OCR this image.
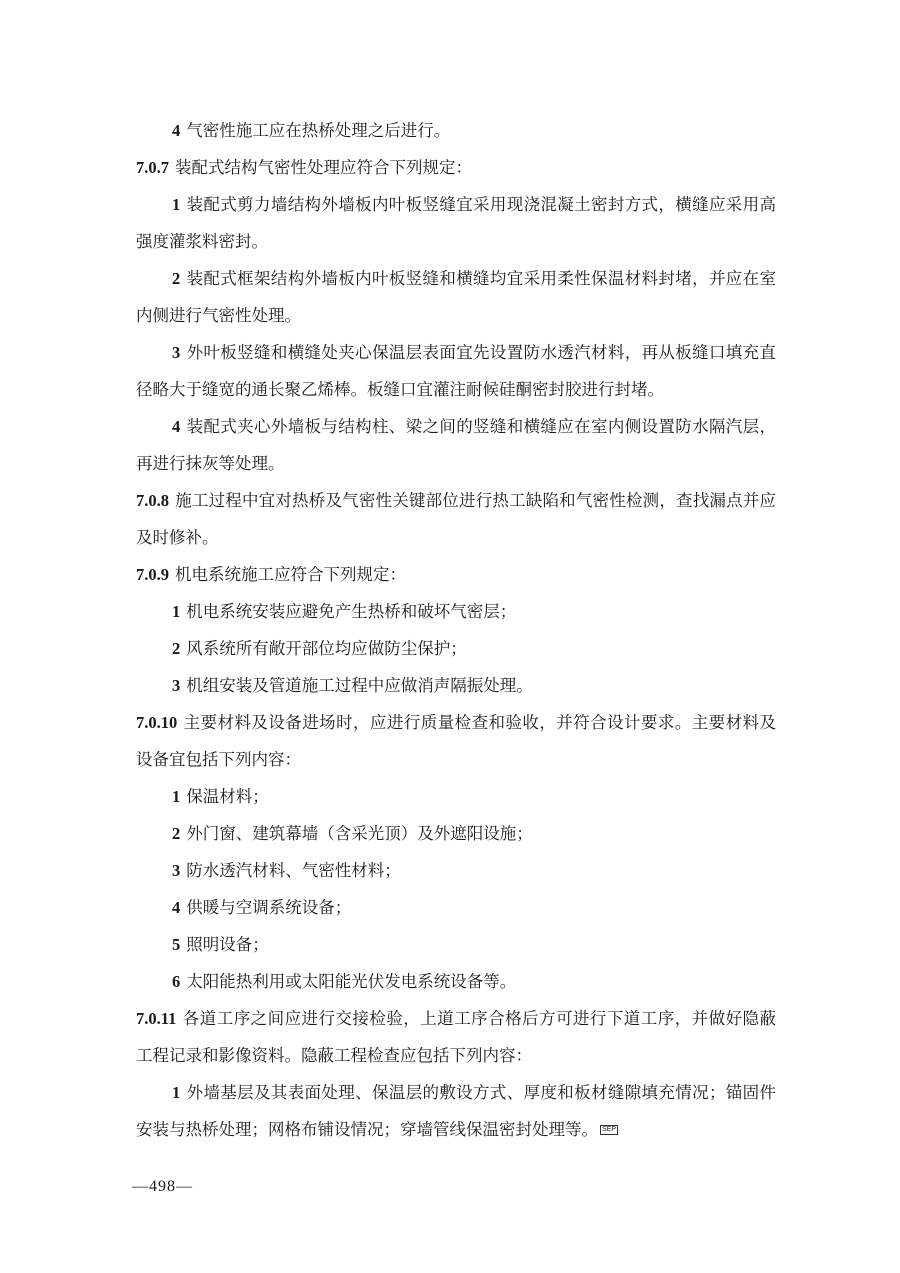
4 气密性施工应在热桥处理之后进行。

7.0.7 装配式结构气密性处理应符合下列规定：

1 装配式剪力墙结构外墙板内叶板竖缝宜采用现浇混凝土密封方式，横缝应采用高强度灌浆料密封。

2 装配式框架结构外墙板内叶板竖缝和横缝均宜采用柔性保温材料封堵，并应在室内侧进行气密性处理。

3 外叶板竖缝和横缝处夹心保温层表面宜先设置防水透汽材料，再从板缝口填充直径略大于缝宽的通长聚乙烯棒。板缝口宜灌注耐候硅酮密封胶进行封堵。

4 装配式夹心外墙板与结构柱、梁之间的竖缝和横缝应在室内侧设置防水隔汽层，再进行抹灰等处理。

7.0.8 施工过程中宜对热桥及气密性关键部位进行热工缺陷和气密性检测，查找漏点并应及时修补。

7.0.9 机电系统施工应符合下列规定：

1 机电系统安装应避免产生热桥和破坏气密层；

2 风系统所有敞开部位均应做防尘保护；

3 机组安装及管道施工过程中应做消声隔振处理。

7.0.10 主要材料及设备进场时，应进行质量检查和验收，并符合设计要求。主要材料及设备宜包括下列内容：

1 保温材料；

2 外门窗、建筑幕墙（含采光顶）及外遮阳设施；

3 防水透汽材料、气密性材料；

4 供暖与空调系统设备；

5 照明设备；

6 太阳能热利用或太阳能光伏发电系统设备等。

7.0.11 各道工序之间应进行交接检验，上道工序合格后方可进行下道工序，并做好隐蔽工程记录和影像资料。隐蔽工程检查应包括下列内容：

1 外墙基层及其表面处理、保温层的敷设方式、厚度和板材缝隙填充情况；锚固件安装与热桥处理；网格布铺设情况；穿墙管线保温密封处理等。 SEP

—498—
